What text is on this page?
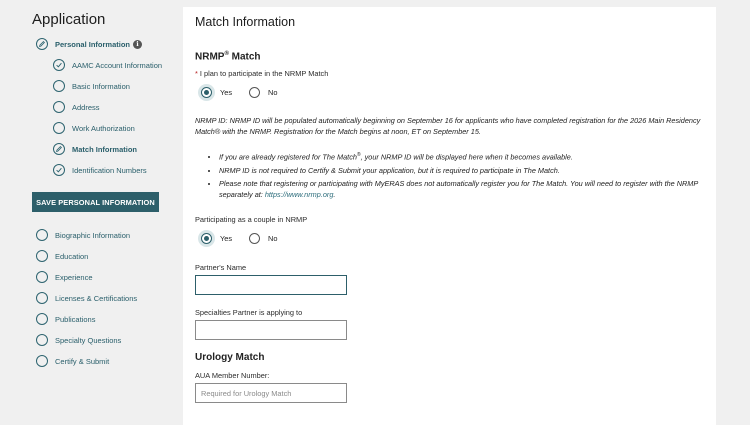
Application
Personal Information i
AAMC Account Information
Basic Information
Address
Work Authorization
Match Information
Identification Numbers
SAVE PERSONAL INFORMATION
Biographic Information
Education
Experience
Licenses & Certifications
Publications
Specialty Questions
Certify & Submit
Match Information
NRMP® Match
* I plan to participate in the NRMP Match
Yes	No
NRMP ID: NRMP ID will be populated automatically beginning on September 16 for applicants who have completed registration for the 2026 Main Residency Match® with the NRMP. Registration for the Match begins at noon, ET on September 15.
• If you are already registered for The Match®, your NRMP ID will be displayed here when it becomes available.
• NRMP ID is not required to Certify & Submit your application, but it is required to participate in The Match.
• Please note that registering or participating with MyERAS does not automatically register you for The Match. You will need to register with the NRMP separately at: https://www.nrmp.org.
Participating as a couple in NRMP
Yes	No
Partner's Name
Specialties Partner is applying to
Urology Match
AUA Member Number:
Required for Urology Match
